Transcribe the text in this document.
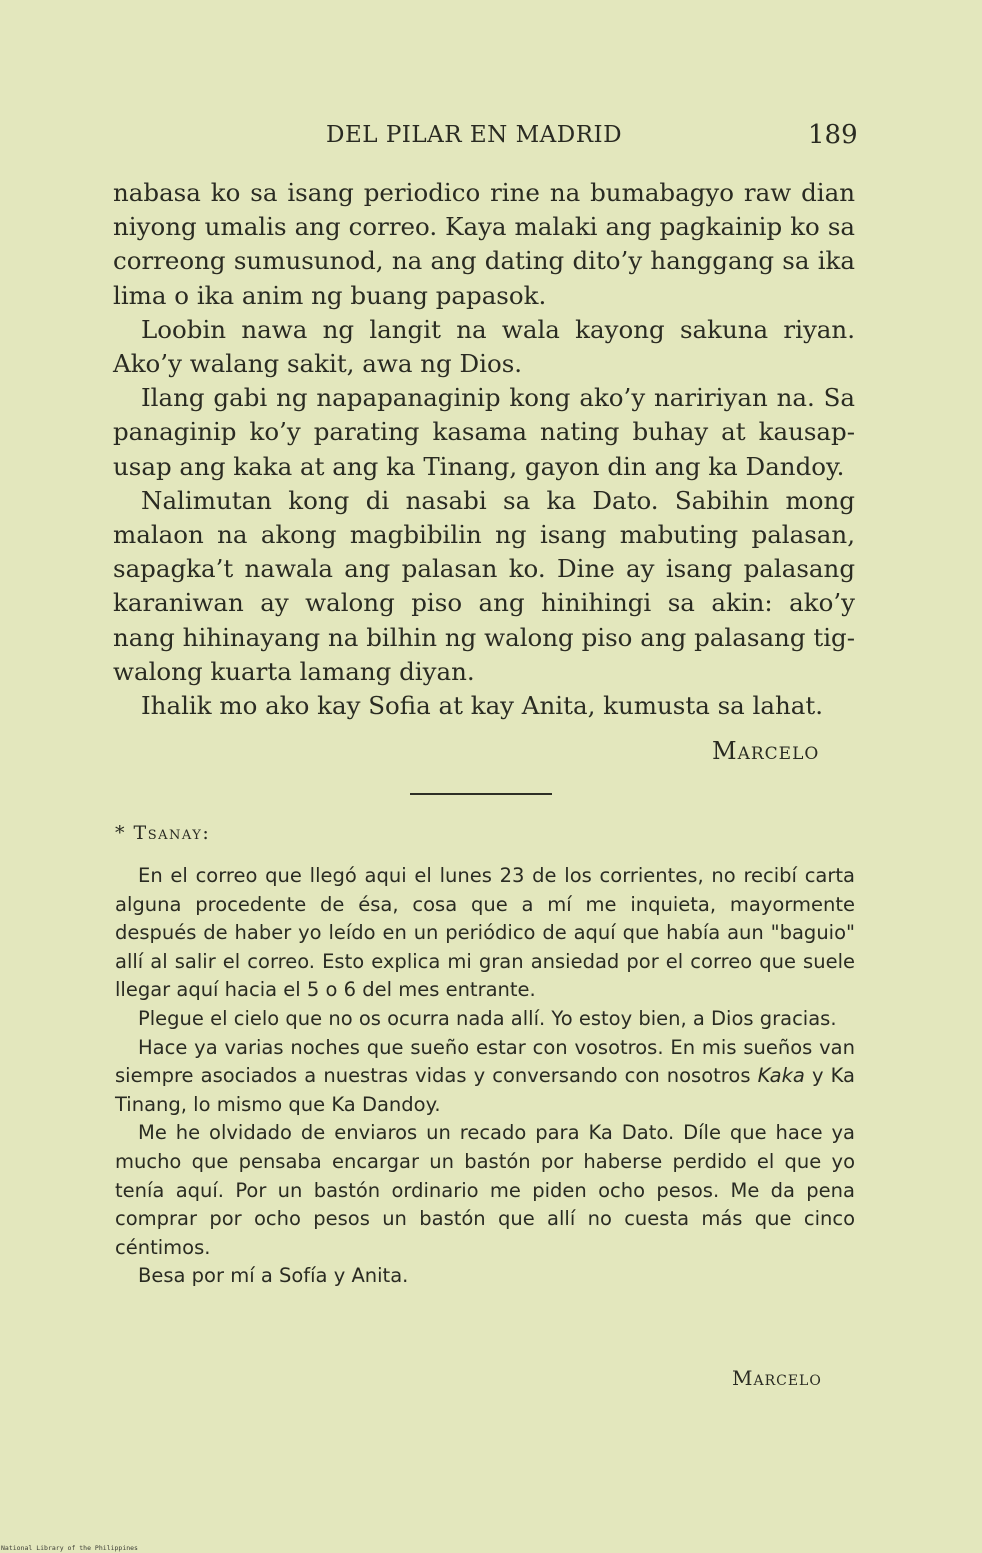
DEL PILAR EN MADRID	189

nabasa ko sa isang periodico rine na bumabagyo raw dian niyong umalis ang correo. Kaya malaki ang pagkainip ko sa correong sumusunod, na ang dating dito’y hanggang sa ika lima o ika anim ng buang papasok.

Loobin nawa ng langit na wala kayong sakuna riyan. Ako’y walang sakit, awa ng Dios.

Ilang gabi ng napapanaginip kong ako’y naririyan na. Sa panaginip ko’y parating kasama nating buhay at kausap-usap ang kaka at ang ka Tinang, gayon din ang ka Dandoy.

Nalimutan kong di nasabi sa ka Dato. Sabihin mong malaon na akong magbibilin ng isang mabuting palasan, sapagka’t nawala ang palasan ko. Dine ay isang palasang karaniwan ay walong piso ang hinihingi sa akin: ako’y nang hihinayang na bilhin ng walong piso ang palasang tig-walong kuarta lamang diyan.

Ihalik mo ako kay Sofia at kay Anita, kumusta sa lahat.

Marcelo
* Tsanay:

En el correo que llegó aqui el lunes 23 de los corrientes, no recibí carta alguna procedente de ésa, cosa que a mí me inquieta, mayormente después de haber yo leído en un periódico de aquí que había aun "baguio" allí al salir el correo. Esto explica mi gran ansiedad por el correo que suele llegar aquí hacia el 5 o 6 del mes entrante.

Plegue el cielo que no os ocurra nada allí. Yo estoy bien, a Dios gracias.

Hace ya varias noches que sueño estar con vosotros. En mis sueños van siempre asociados a nuestras vidas y conversando con nosotros Kaka y Ka Tinang, lo mismo que Ka Dandoy.

Me he olvidado de enviaros un recado para Ka Dato. Díle que hace ya mucho que pensaba encargar un bastón por haberse perdido el que yo tenía aquí. Por un bastón ordinario me piden ocho pesos. Me da pena comprar por ocho pesos un bastón que allí no cuesta más que cinco céntimos.

Besa por mí a Sofía y Anita.

Marcelo
National Library of the Philippines
